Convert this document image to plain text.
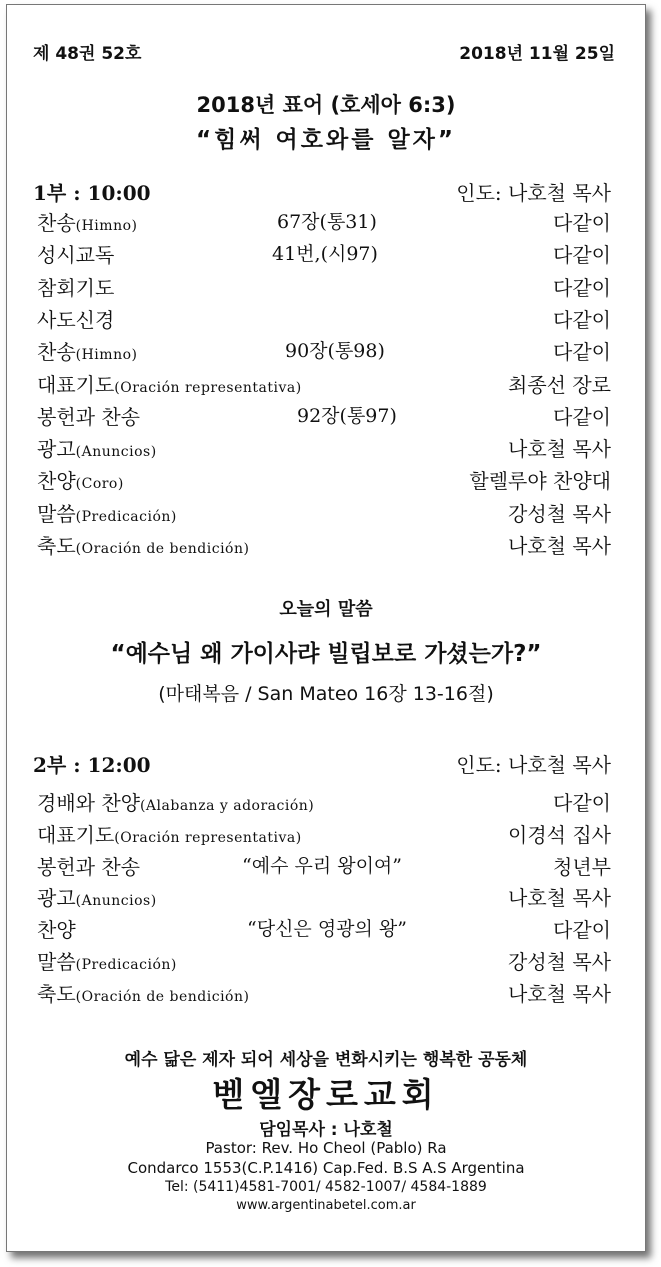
제 48권 52호	2018년 11월 25일
2018년 표어 (호세아 6:3)
“힘써 여호와를 알자”
1부 : 10:00	인도: 나호철 목사
찬송(Himno)	67장(통31)	다같이
성시교독	41번,(시97)	다같이
참회기도	다같이
사도신경	다같이
찬송(Himno)	90장(통98)	다같이
대표기도(Oración representativa)	최종선 장로
봉헌과 찬송	92장(통97)	다같이
광고(Anuncios)	나호철 목사
찬양(Coro)	할렐루야 찬양대
말씀(Predicación)	강성철 목사
축도(Oración de bendición)	나호철 목사
오늘의 말씀
“예수님 왜 가이사랴 빌립보로 가셨는가?”
(마태복음 / San Mateo 16장 13-16절)
2부 : 12:00	인도: 나호철 목사
경배와 찬양(Alabanza y adoración)	다같이
대표기도(Oración representativa)	이경석 집사
봉헌과 찬송	“예수 우리 왕이여”	청년부
광고(Anuncios)	나호철 목사
찬양	“당신은 영광의 왕”	다같이
말씀(Predicación)	강성철 목사
축도(Oración de bendición)	나호철 목사
예수 닮은 제자 되어 세상을 변화시키는 행복한 공동체
벧엘장로교회
담임목사 : 나호철
Pastor: Rev. Ho Cheol (Pablo) Ra
Condarco 1553(C.P.1416) Cap.Fed. B.S A.S Argentina
Tel: (5411)4581-7001/ 4582-1007/ 4584-1889
www.argentinabetel.com.ar
